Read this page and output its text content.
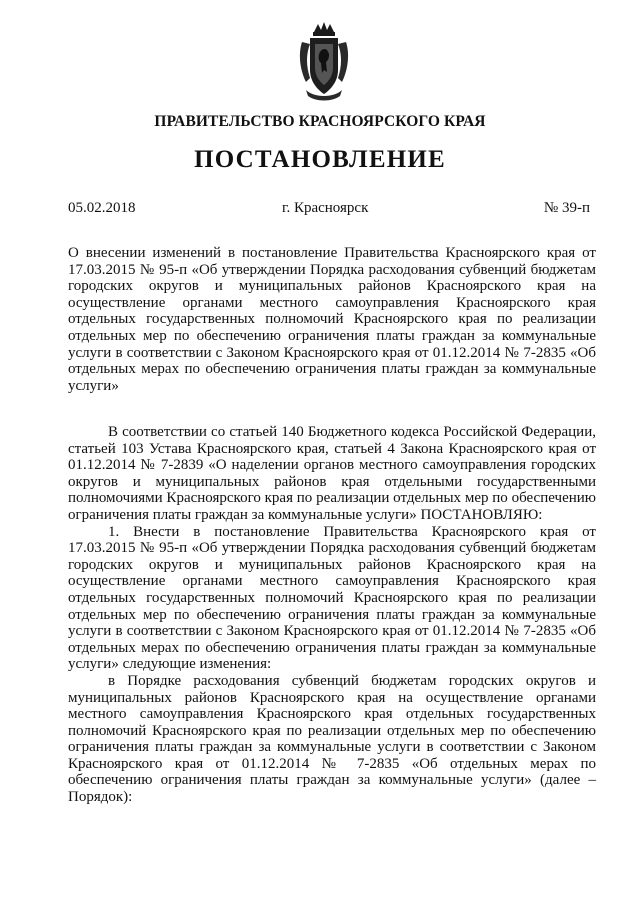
ПРАВИТЕЛЬСТВО КРАСНОЯРСКОГО КРАЯ
ПОСТАНОВЛЕНИЕ
05.02.2018	г. Красноярск	№ 39-п
О внесении изменений в постановление Правительства Красноярского края от 17.03.2015 № 95-п «Об утверждении Порядка расходования субвенций бюджетам городских округов и муниципальных районов Красноярского края на осуществление органами местного самоуправления Красноярского края отдельных государственных полномочий Красноярского края по реализации отдельных мер по обеспечению ограничения платы граждан за коммунальные услуги в соответствии с Законом Красноярского края от 01.12.2014 № 7-2835 «Об отдельных мерах по обеспечению ограничения платы граждан за коммунальные услуги»

В соответствии со статьей 140 Бюджетного кодекса Российской Федерации, статьей 103 Устава Красноярского края, статьей 4 Закона Красноярского края от 01.12.2014 № 7-2839 «О наделении органов местного самоуправления городских округов и муниципальных районов края отдельными государственными полномочиями Красноярского края по реализации отдельных мер по обеспечению ограничения платы граждан за коммунальные услуги» ПОСТАНОВЛЯЮ:

1. Внести в постановление Правительства Красноярского края от 17.03.2015 № 95-п «Об утверждении Порядка расходования субвенций бюджетам городских округов и муниципальных районов Красноярского края на осуществление органами местного самоуправления Красноярского края отдельных государственных полномочий Красноярского края по реализации отдельных мер по обеспечению ограничения платы граждан за коммунальные услуги в соответствии с Законом Красноярского края от 01.12.2014 № 7-2835 «Об отдельных мерах по обеспечению ограничения платы граждан за коммунальные услуги» следующие изменения:

в Порядке расходования субвенций бюджетам городских округов и муниципальных районов Красноярского края на осуществление органами местного самоуправления Красноярского края отдельных государственных полномочий Красноярского края по реализации отдельных мер по обеспечению ограничения платы граждан за коммунальные услуги в соответствии с Законом Красноярского края от 01.12.2014 № 7-2835 «Об отдельных мерах по обеспечению ограничения платы граждан за коммунальные услуги» (далее – Порядок):
